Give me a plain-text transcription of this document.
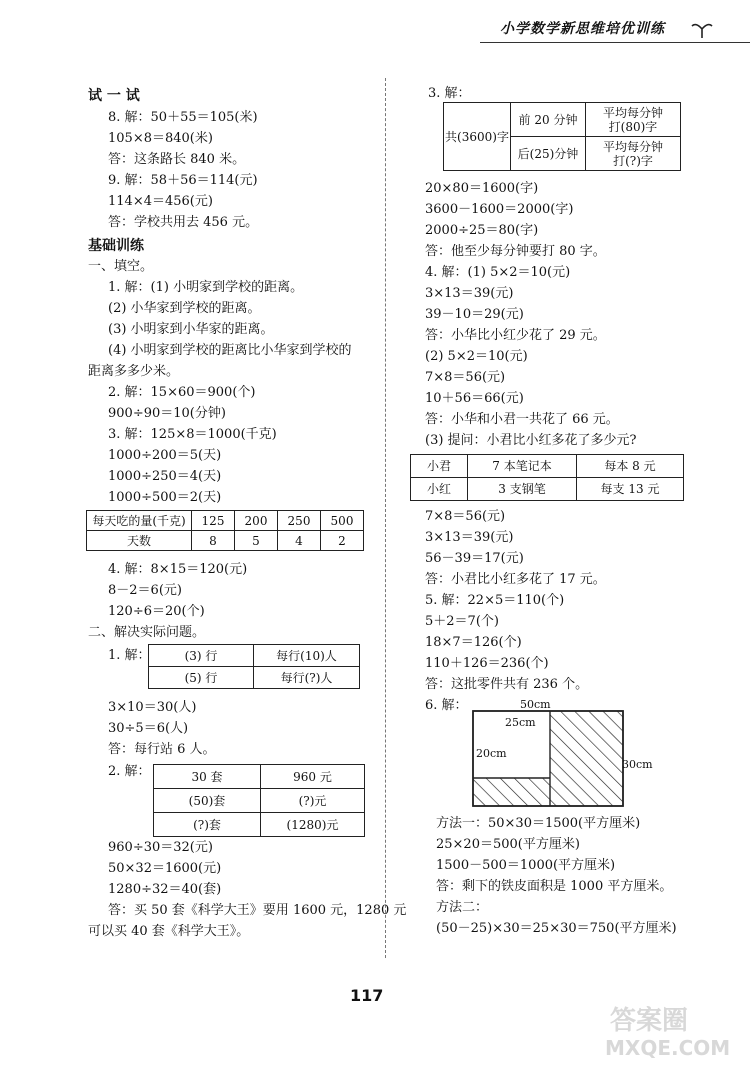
小学数学新思维培优训练
试 一 试
8. 解：50＋55＝105(米)
105×8＝840(米)
答：这条路长 840 米。
9. 解：58＋56＝114(元)
114×4＝456(元)
答：学校共用去 456 元。
基础训练
一、填空。
1. 解：(1) 小明家到学校的距离。
(2) 小华家到学校的距离。
(3) 小明家到小华家的距离。
(4) 小明家到学校的距离比小华家到学校的
距离多多少米。
2. 解：15×60＝900(个)
900÷90＝10(分钟)
3. 解：125×8＝1000(千克)
1000÷200＝5(天)
1000÷250＝4(天)
1000÷500＝2(天)
每天吃的量(千克)	125	200	250	500
天数	8	5	4	2
4. 解：8×15＝120(元)
8－2＝6(元)
120÷6＝20(个)
二、解决实际问题。
1. 解：	(3) 行	每行(10)人
(5) 行	每行(?)人
3×10＝30(人)
30÷5＝6(人)
答：每行站 6 人。
2. 解：	30 套	960 元
(50)套	(?)元
(?)套	(1280)元
960÷30＝32(元)
50×32＝1600(元)
1280÷32＝40(套)
答：买 50 套《科学大王》要用 1600 元，1280 元
可以买 40 套《科学大王》。
3. 解：
共(3600)字	前 20 分钟	平均每分钟
打(80)字
	后(25)分钟	平均每分钟
打(?)字
20×80＝1600(字)
3600－1600＝2000(字)
2000÷25＝80(字)
答：他至少每分钟要打 80 字。
4. 解：(1) 5×2＝10(元)
3×13＝39(元)
39－10＝29(元)
答：小华比小红少花了 29 元。
(2) 5×2＝10(元)
7×8＝56(元)
10＋56＝66(元)
答：小华和小君一共花了 66 元。
(3) 提问：小君比小红多花了多少元?
小君	7 本笔记本	每本 8 元
小红	3 支钢笔	每支 13 元
7×8＝56(元)
3×13＝39(元)
56－39＝17(元)
答：小君比小红多花了 17 元。
5. 解：22×5＝110(个)
5＋2＝7(个)
18×7＝126(个)
110＋126＝236(个)
答：这批零件共有 236 个。
6. 解：	50cm
25cm
20cm
30cm
方法一：50×30＝1500(平方厘米)
25×20＝500(平方厘米)
1500－500＝1000(平方厘米)
答：剩下的铁皮面积是 1000 平方厘米。
方法二：
(50－25)×30＝25×30＝750(平方厘米)
117
答案圈
MXQE.COM
